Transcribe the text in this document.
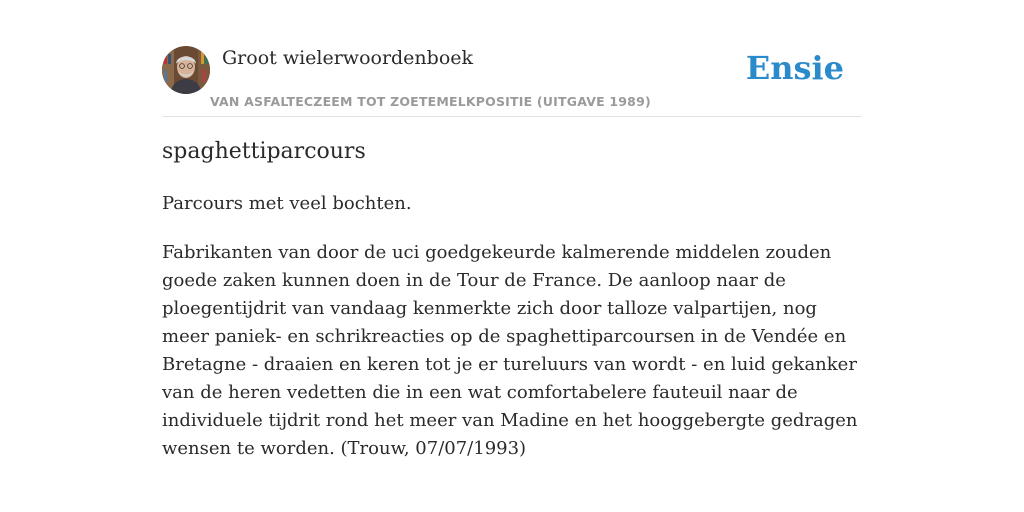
Groot wielerwoordenboek
VAN ASFALTECZEEM TOT ZOETEMELKPOSITIE (UITGAVE 1989)
Ensie
spaghettiparcours

Parcours met veel bochten.

Fabrikanten van door de uci goedgekeurde kalmerende middelen zouden goede zaken kunnen doen in de Tour de France. De aanloop naar de ploegentijdrit van vandaag kenmerkte zich door talloze valpartijen, nog meer paniek- en schrikreacties op de spaghettiparcoursen in de Vendée en Bretagne - draaien en keren tot je er tureluurs van wordt - en luid gekanker van de heren vedetten die in een wat comfortabelere fauteuil naar de individuele tijdrit rond het meer van Madine en het hooggebergte gedragen wensen te worden. (Trouw, 07/07/1993)
